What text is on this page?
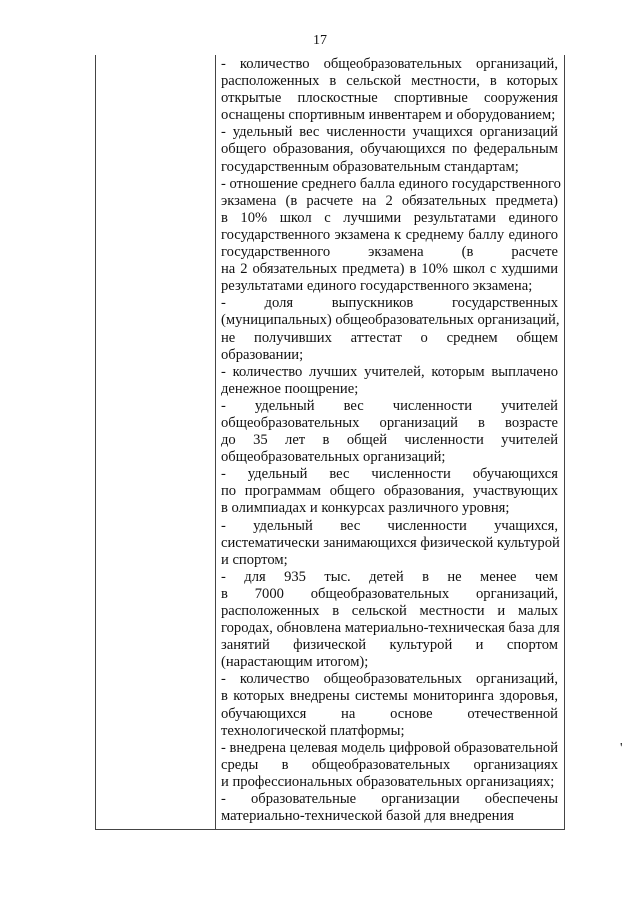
17
- количество общеобразовательных организаций,
расположенных в сельской местности, в которых
открытые плоскостные спортивные сооружения
оснащены спортивным инвентарем и оборудованием;
- удельный вес численности учащихся организаций
общего образования, обучающихся по федеральным
государственным образовательным стандартам;
- отношение среднего балла единого государственного
экзамена (в расчете на 2 обязательных предмета)
в 10% школ с лучшими результатами единого
государственного экзамена к среднему баллу единого
государственного экзамена (в расчете
на 2 обязательных предмета) в 10% школ с худшими
результатами единого государственного экзамена;
- доля выпускников государственных
(муниципальных) общеобразовательных организаций,
не получивших аттестат о среднем общем
образовании;
- количество лучших учителей, которым выплачено
денежное поощрение;
- удельный вес численности учителей
общеобразовательных организаций в возрасте
до 35 лет в общей численности учителей
общеобразовательных организаций;
- удельный вес численности обучающихся
по программам общего образования, участвующих
в олимпиадах и конкурсах различного уровня;
- удельный вес численности учащихся,
систематически занимающихся физической культурой
и спортом;
- для 935 тыс. детей в не менее чем
в 7000 общеобразовательных организаций,
расположенных в сельской местности и малых
городах, обновлена материально-техническая база для
занятий физической культурой и спортом
(нарастающим итогом);
- количество общеобразовательных организаций,
в которых внедрены системы мониторинга здоровья,
обучающихся на основе отечественной
технологической платформы;
- внедрена целевая модель цифровой образовательной
среды в общеобразовательных организациях
и профессиональных образовательных организациях;
- образовательные организации обеспечены
материально-технической базой для внедрения
'
